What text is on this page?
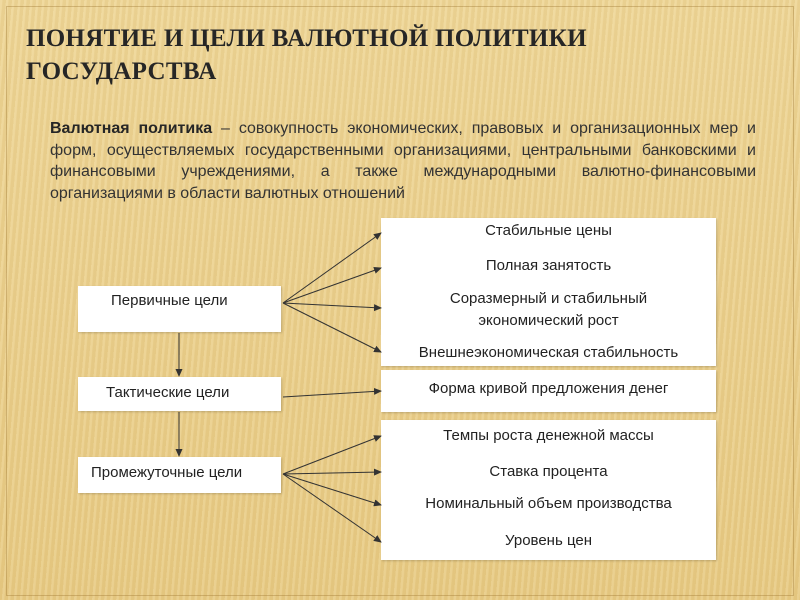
ПОНЯТИЕ И ЦЕЛИ ВАЛЮТНОЙ ПОЛИТИКИ ГОСУДАРСТВА
Валютная политика – совокупность экономических, правовых и организационных мер и форм, осуществляемых государственными организациями, центральными банковскими и финансовыми учреждениями, а также международными валютно-финансовыми организациями в области валютных отношений
Первичные цели
Тактические цели
Промежуточные цели
Стабильные цены
Полная занятость
Соразмерный и стабильный
экономический рост
Внешнеэкономическая стабильность
Форма кривой предложения денег
Темпы роста денежной массы
Ставка процента
Номинальный объем производства
Уровень цен
